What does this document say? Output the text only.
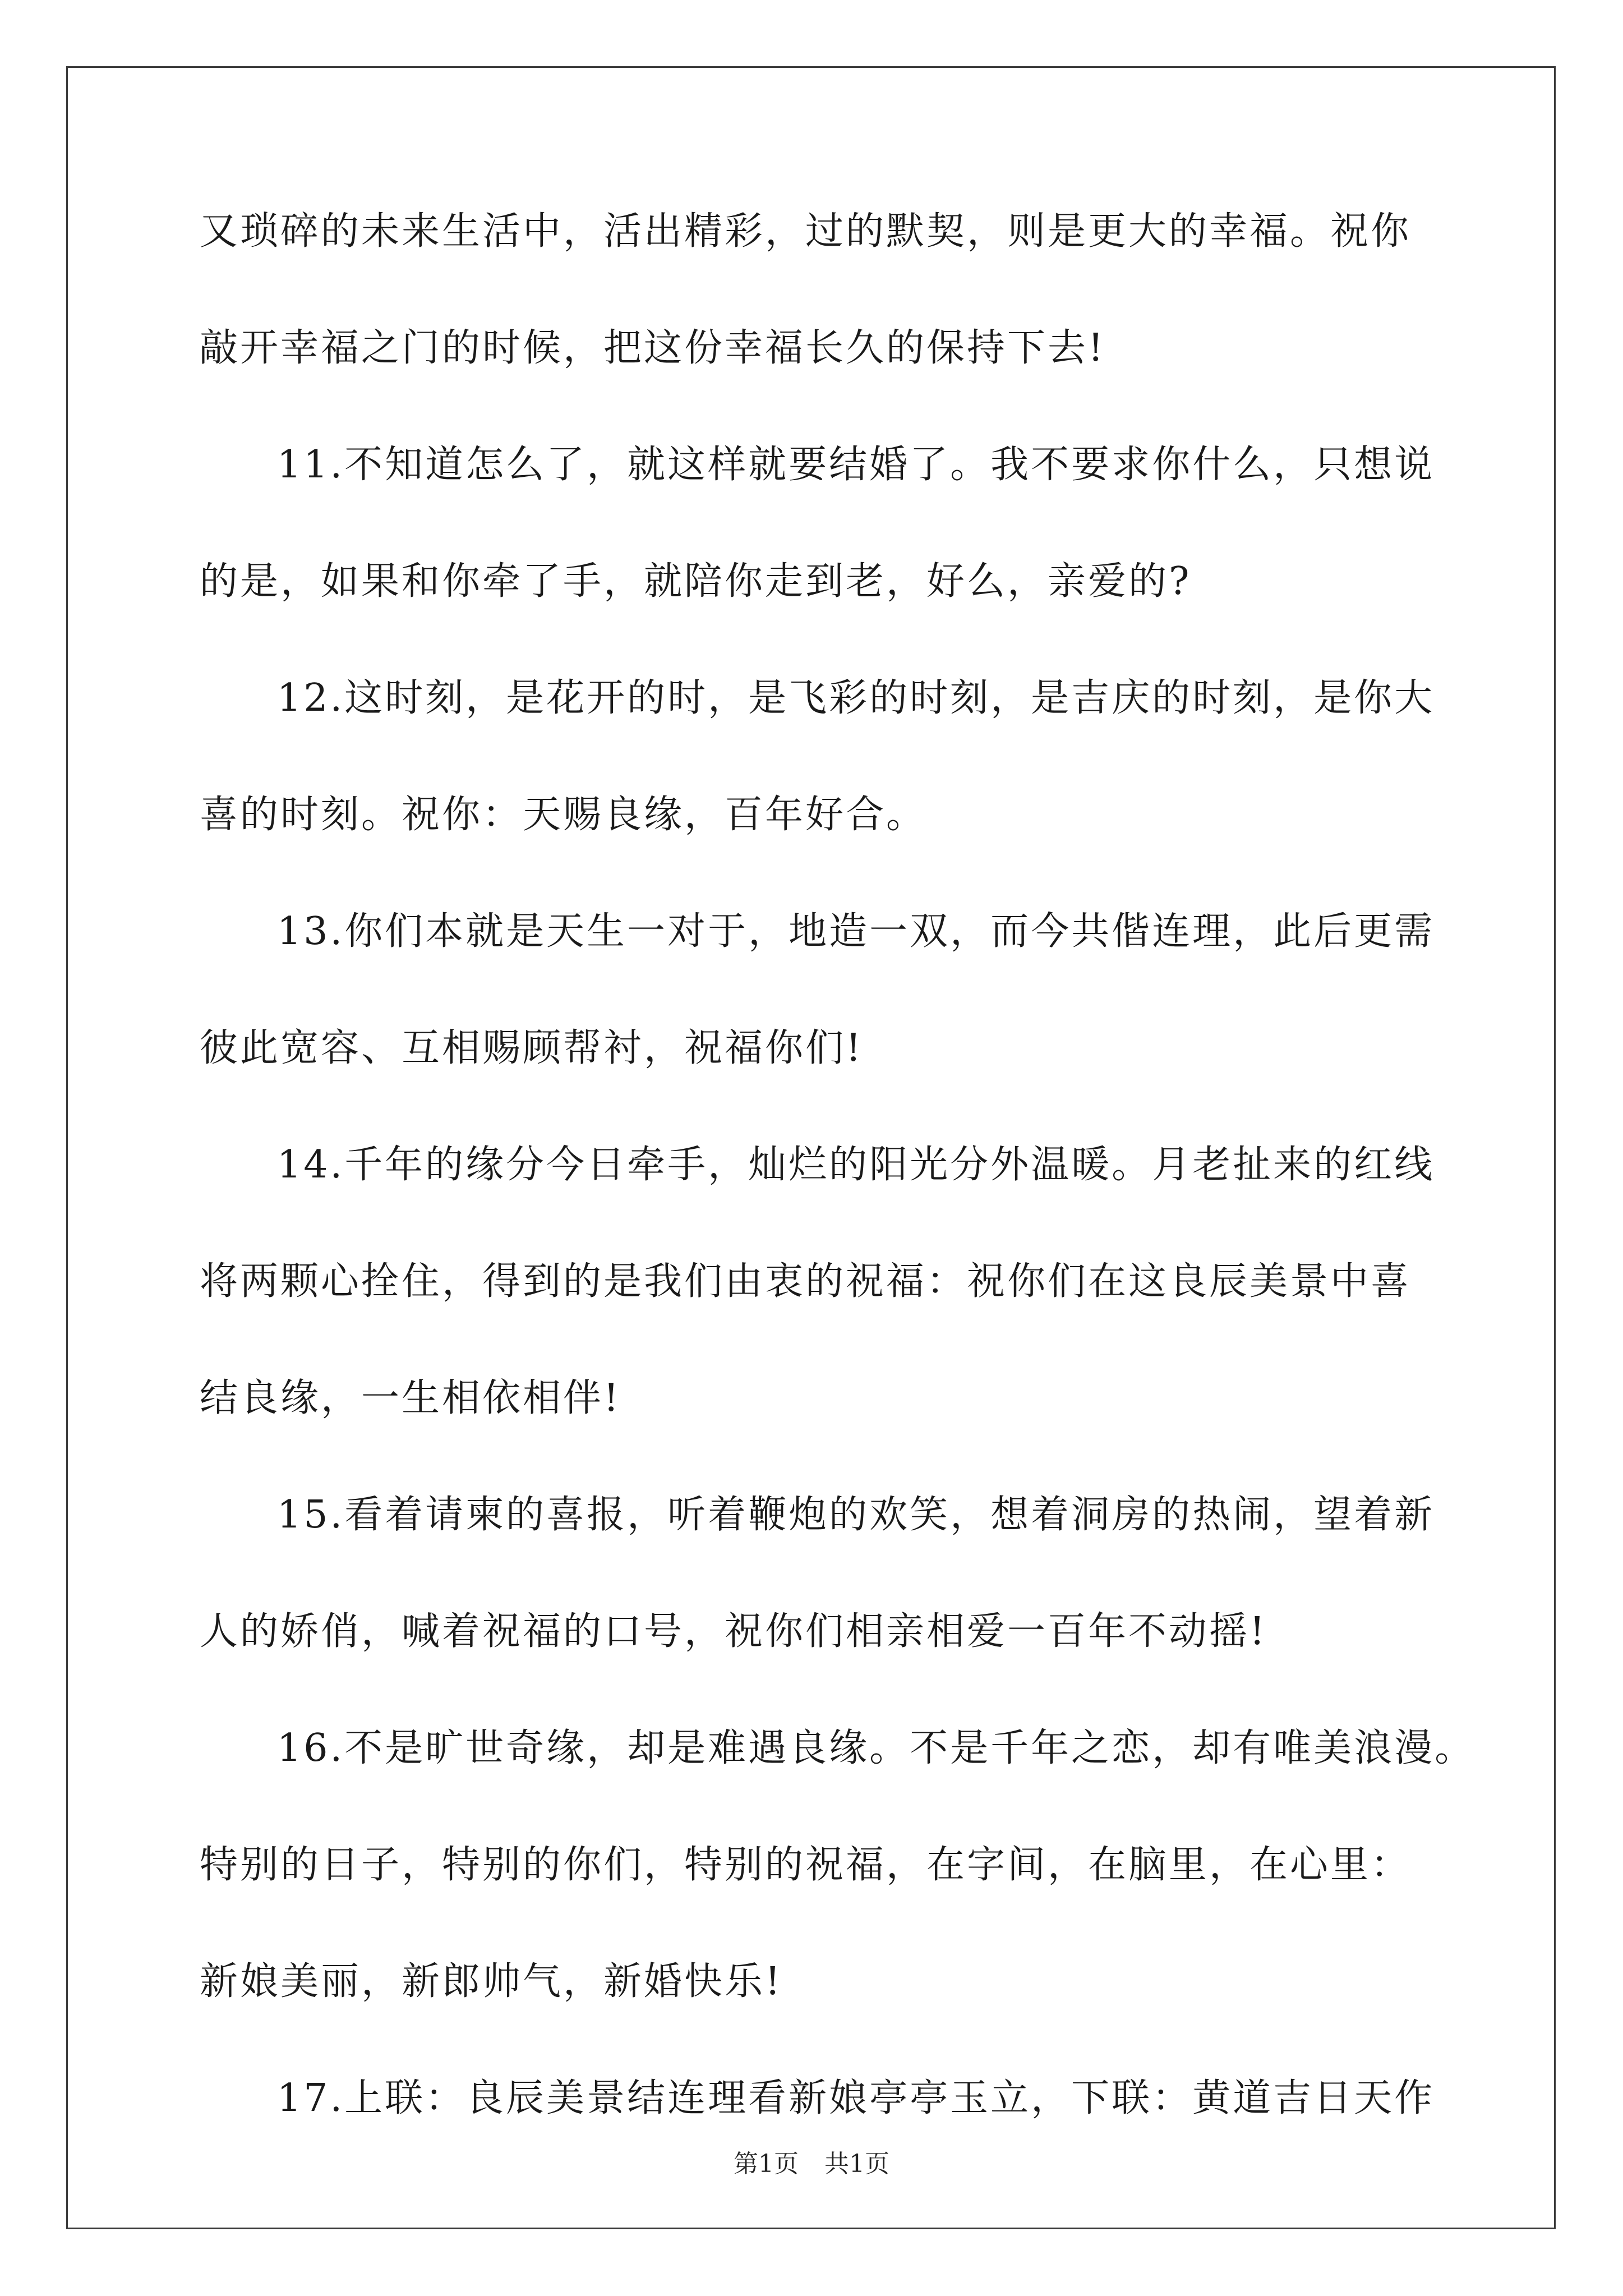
又琐碎的未来生活中，活出精彩，过的默契，则是更大的幸福。祝你
敲开幸福之门的时候，把这份幸福长久的保持下去!
11.不知道怎么了，就这样就要结婚了。我不要求你什么，只想说
的是，如果和你牵了手，就陪你走到老，好么，亲爱的?
12.这时刻，是花开的时，是飞彩的时刻，是吉庆的时刻，是你大
喜的时刻。祝你：天赐良缘，百年好合。
13.你们本就是天生一对于，地造一双，而今共偕连理，此后更需
彼此宽容、互相赐顾帮衬，祝福你们!
14.千年的缘分今日牵手，灿烂的阳光分外温暖。月老扯来的红线
将两颗心拴住，得到的是我们由衷的祝福：祝你们在这良辰美景中喜
结良缘，一生相依相伴!
15.看着请柬的喜报，听着鞭炮的欢笑，想着洞房的热闹，望着新
人的娇俏，喊着祝福的口号，祝你们相亲相爱一百年不动摇!
16.不是旷世奇缘，却是难遇良缘。不是千年之恋，却有唯美浪漫。
特别的日子，特别的你们，特别的祝福，在字间，在脑里，在心里：
新娘美丽，新郎帅气，新婚快乐!
17.上联：良辰美景结连理看新娘亭亭玉立，下联：黄道吉日天作
第1页 共1页
